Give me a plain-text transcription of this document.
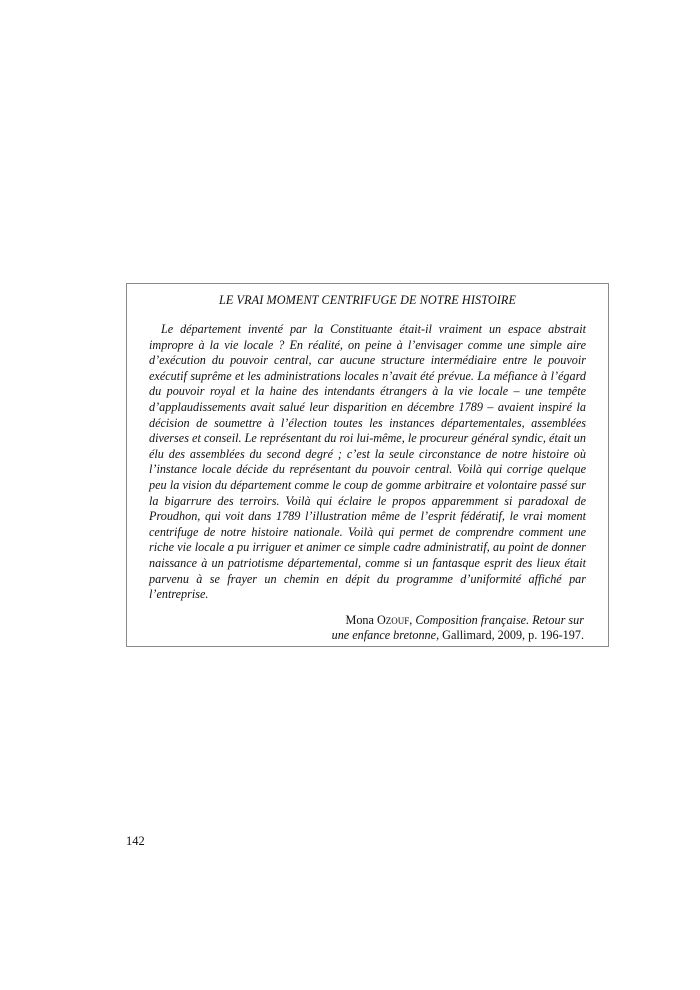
LE VRAI MOMENT CENTRIFUGE DE NOTRE HISTOIRE

Le département inventé par la Constituante était-il vraiment un espace abstrait impropre à la vie locale ? En réalité, on peine à l’envisager comme une simple aire d’exécution du pouvoir central, car aucune structure intermédiaire entre le pouvoir exécutif suprême et les administrations locales n’avait été prévue. La méfiance à l’égard du pouvoir royal et la haine des intendants étrangers à la vie locale – une tempête d’applaudissements avait salué leur disparition en décembre 1789 – avaient inspiré la décision de soumettre à l’élection toutes les instances départementales, assemblées diverses et conseil. Le représentant du roi lui-même, le procureur général syndic, était un élu des assemblées du second degré ; c’est la seule circonstance de notre histoire où l’instance locale décide du représentant du pouvoir central. Voilà qui corrige quelque peu la vision du département comme le coup de gomme arbitraire et volontaire passé sur la bigarrure des terroirs. Voilà qui éclaire le propos apparemment si paradoxal de Proudhon, qui voit dans 1789 l’illustration même de l’esprit fédératif, le vrai moment centrifuge de notre histoire nationale. Voilà qui permet de comprendre comment une riche vie locale a pu irriguer et animer ce simple cadre administratif, au point de donner naissance à un patriotisme départemental, comme si un fantasque esprit des lieux était parvenu à se frayer un chemin en dépit du programme d’uniformité affiché par l’entreprise.

Mona Ozouf, Composition française. Retour sur
une enfance bretonne, Gallimard, 2009, p. 196-197.
142
